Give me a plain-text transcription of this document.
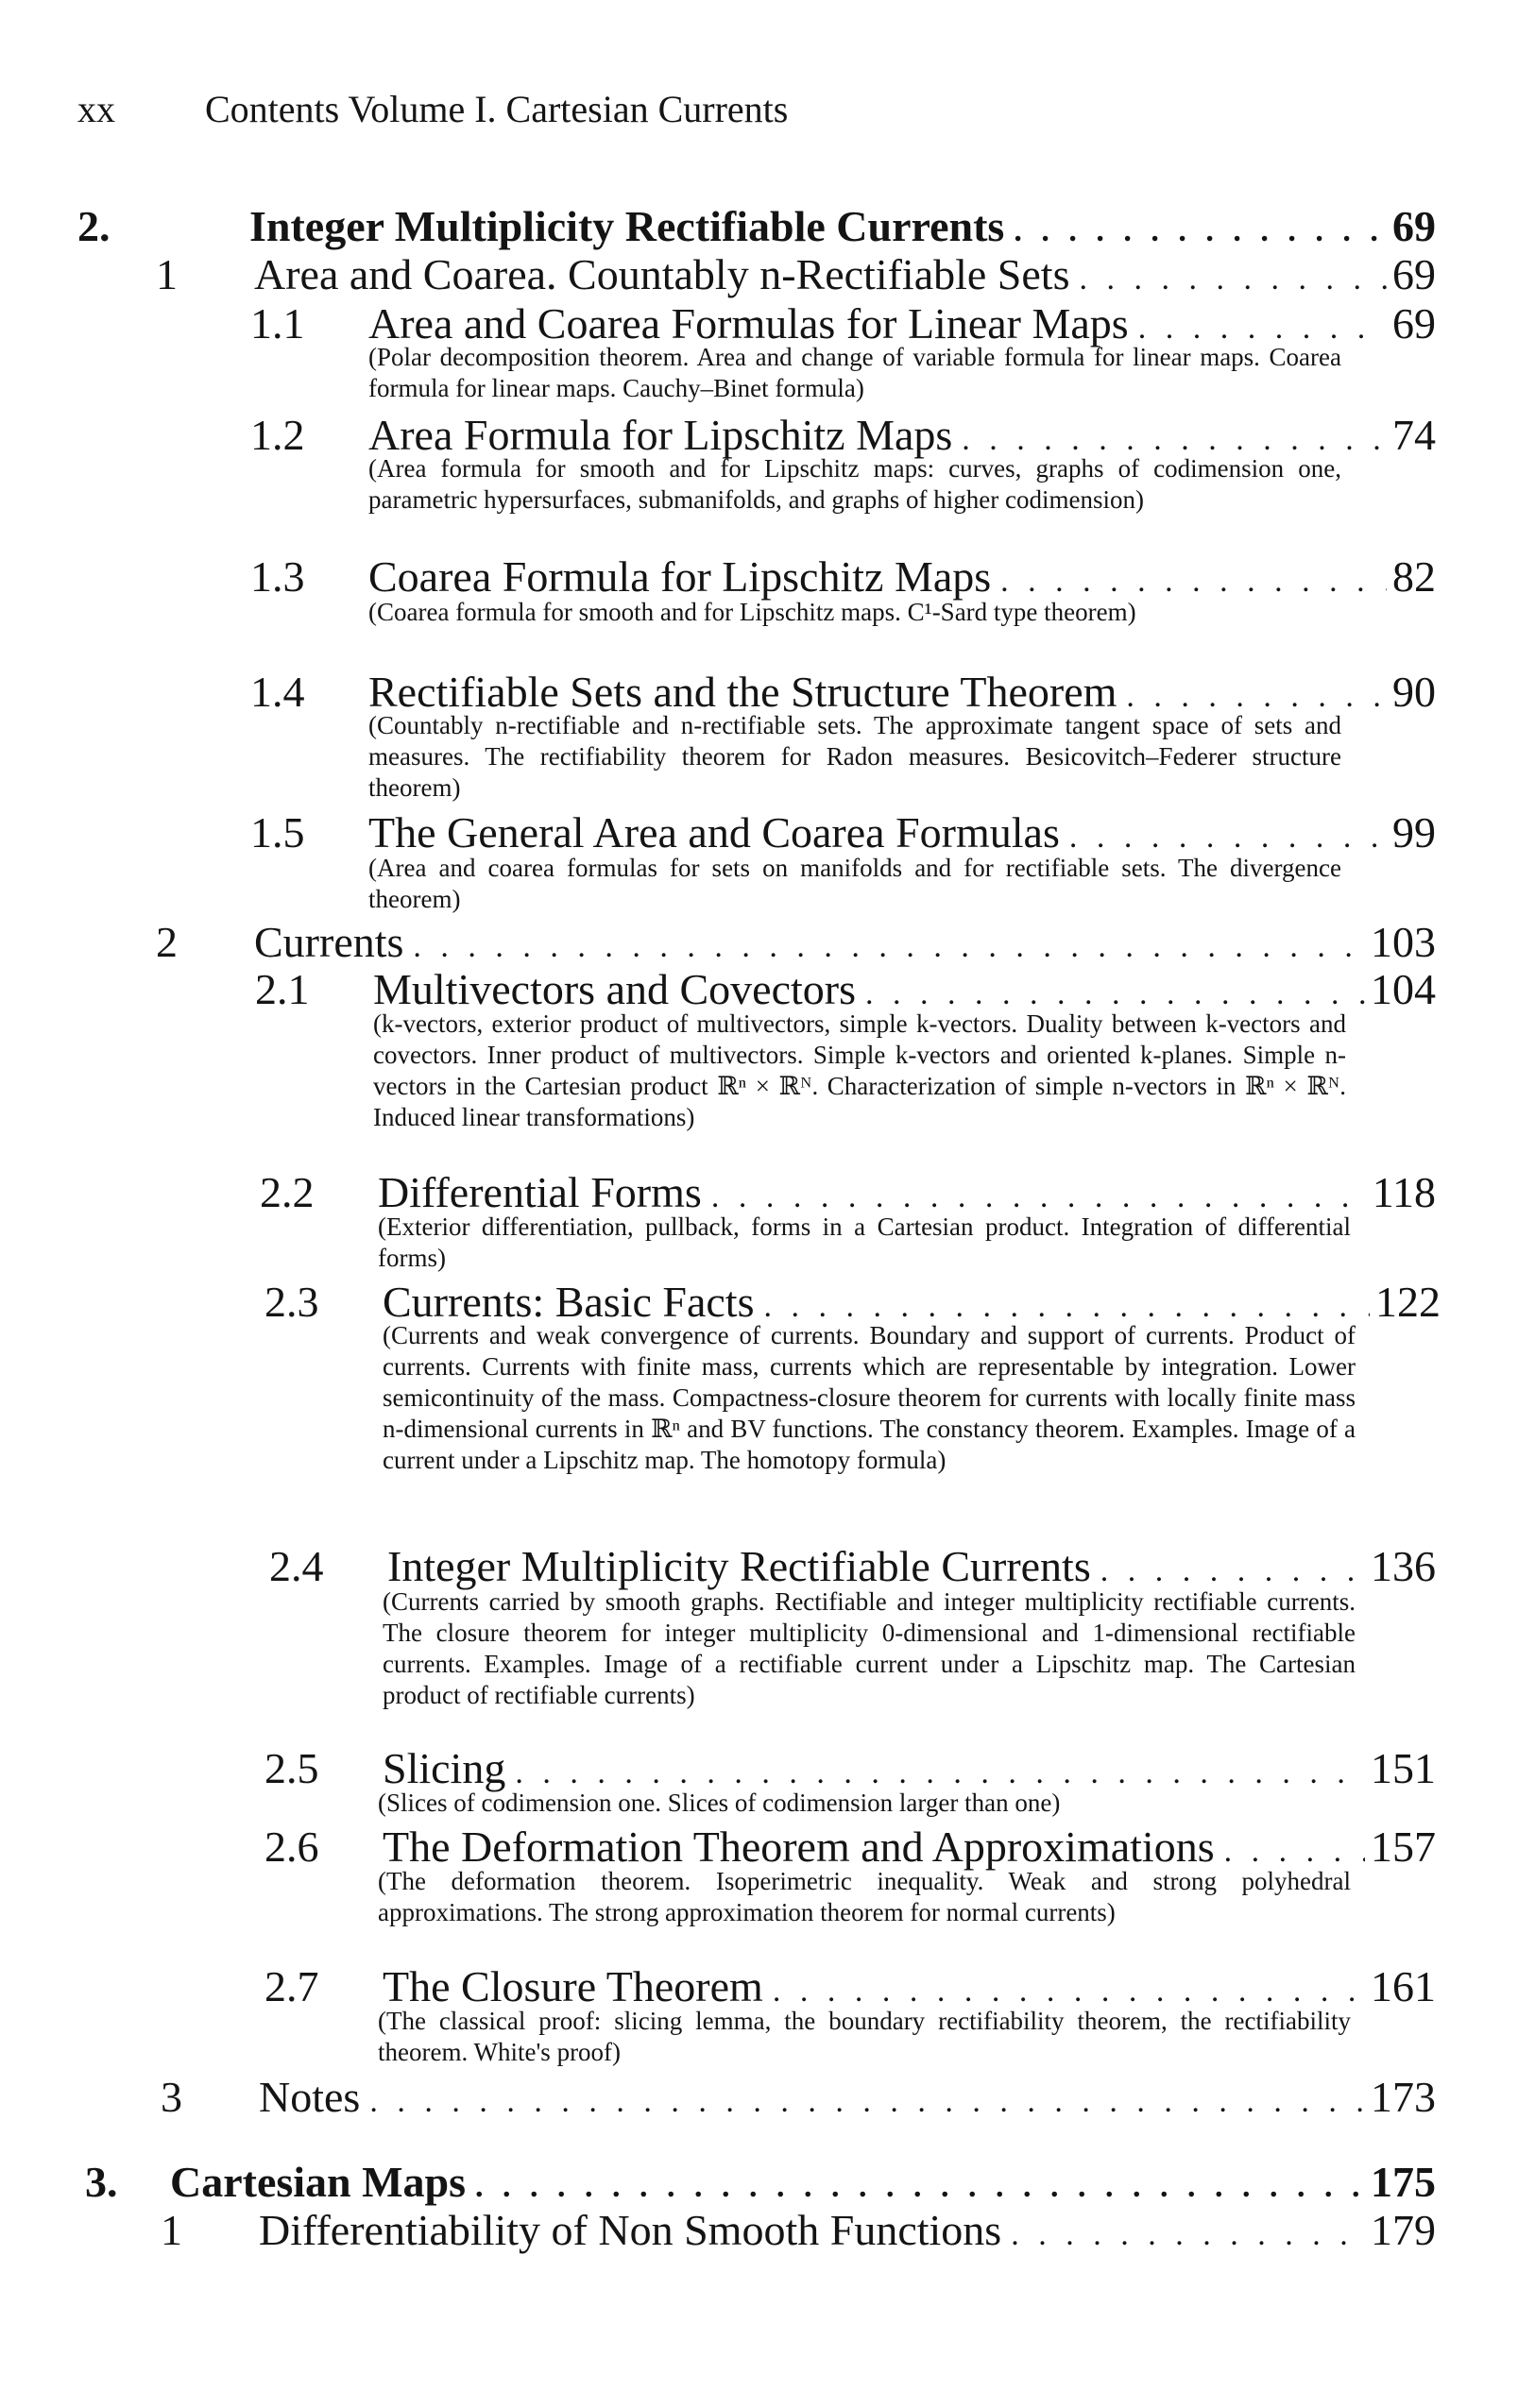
xx Contents Volume I. Cartesian Currents
2.	Integer Multiplicity Rectifiable Currents . . .	69
1	Area and Coarea. Countably n-Rectifiable Sets . . .	69
1.1	Area and Coarea Formulas for Linear Maps . . .	69
(Polar decomposition theorem. Area and change of variable formula for linear maps. Coarea formula for linear maps. Cauchy–Binet formula)
1.2	Area Formula for Lipschitz Maps . . .	74
(Area formula for smooth and for Lipschitz maps: curves, graphs of codimension one, parametric hypersurfaces, submanifolds, and graphs of higher codimension)
1.3	Coarea Formula for Lipschitz Maps . . .	82
(Coarea formula for smooth and for Lipschitz maps. C¹-Sard type theorem)
1.4	Rectifiable Sets and the Structure Theorem . . .	90
(Countably n-rectifiable and n-rectifiable sets. The approximate tangent space of sets and measures. The rectifiability theorem for Radon measures. Besicovitch–Federer structure theorem)
1.5	The General Area and Coarea Formulas . . .	99
(Area and coarea formulas for sets on manifolds and for rectifiable sets. The divergence theorem)
2	Currents . . .	103
2.1	Multivectors and Covectors . . .	104
(k-vectors, exterior product of multivectors, simple k-vectors. Duality between k-vectors and covectors. Inner product of multivectors. Simple k-vectors and oriented k-planes. Simple n-vectors in the Cartesian product ℝⁿ × ℝᴺ. Characterization of simple n-vectors in ℝⁿ × ℝᴺ. Induced linear transformations)
2.2	Differential Forms . . .	118
(Exterior differentiation, pullback, forms in a Cartesian product. Integration of differential forms)
2.3	Currents: Basic Facts . . .	122
(Currents and weak convergence of currents. Boundary and support of currents. Product of currents. Currents with finite mass, currents which are representable by integration. Lower semicontinuity of the mass. Compactness-closure theorem for currents with locally finite mass n-dimensional currents in ℝⁿ and BV functions. The constancy theorem. Examples. Image of a current under a Lipschitz map. The homotopy formula)
2.4	Integer Multiplicity Rectifiable Currents . . .	136
(Currents carried by smooth graphs. Rectifiable and integer multiplicity rectifiable currents. The closure theorem for integer multiplicity 0-dimensional and 1-dimensional rectifiable currents. Examples. Image of a rectifiable current under a Lipschitz map. The Cartesian product of rectifiable currents)
2.5	Slicing . . .	151
(Slices of codimension one. Slices of codimension larger than one)
2.6	The Deformation Theorem and Approximations . . .	157
(The deformation theorem. Isoperimetric inequality. Weak and strong polyhedral approximations. The strong approximation theorem for normal currents)
2.7	The Closure Theorem . . .	161
(The classical proof: slicing lemma, the boundary rectifiability theorem, the rectifiability theorem. White's proof)
3	Notes . . .	173
3.	Cartesian Maps . . .	175
1	Differentiability of Non Smooth Functions . . .	179
